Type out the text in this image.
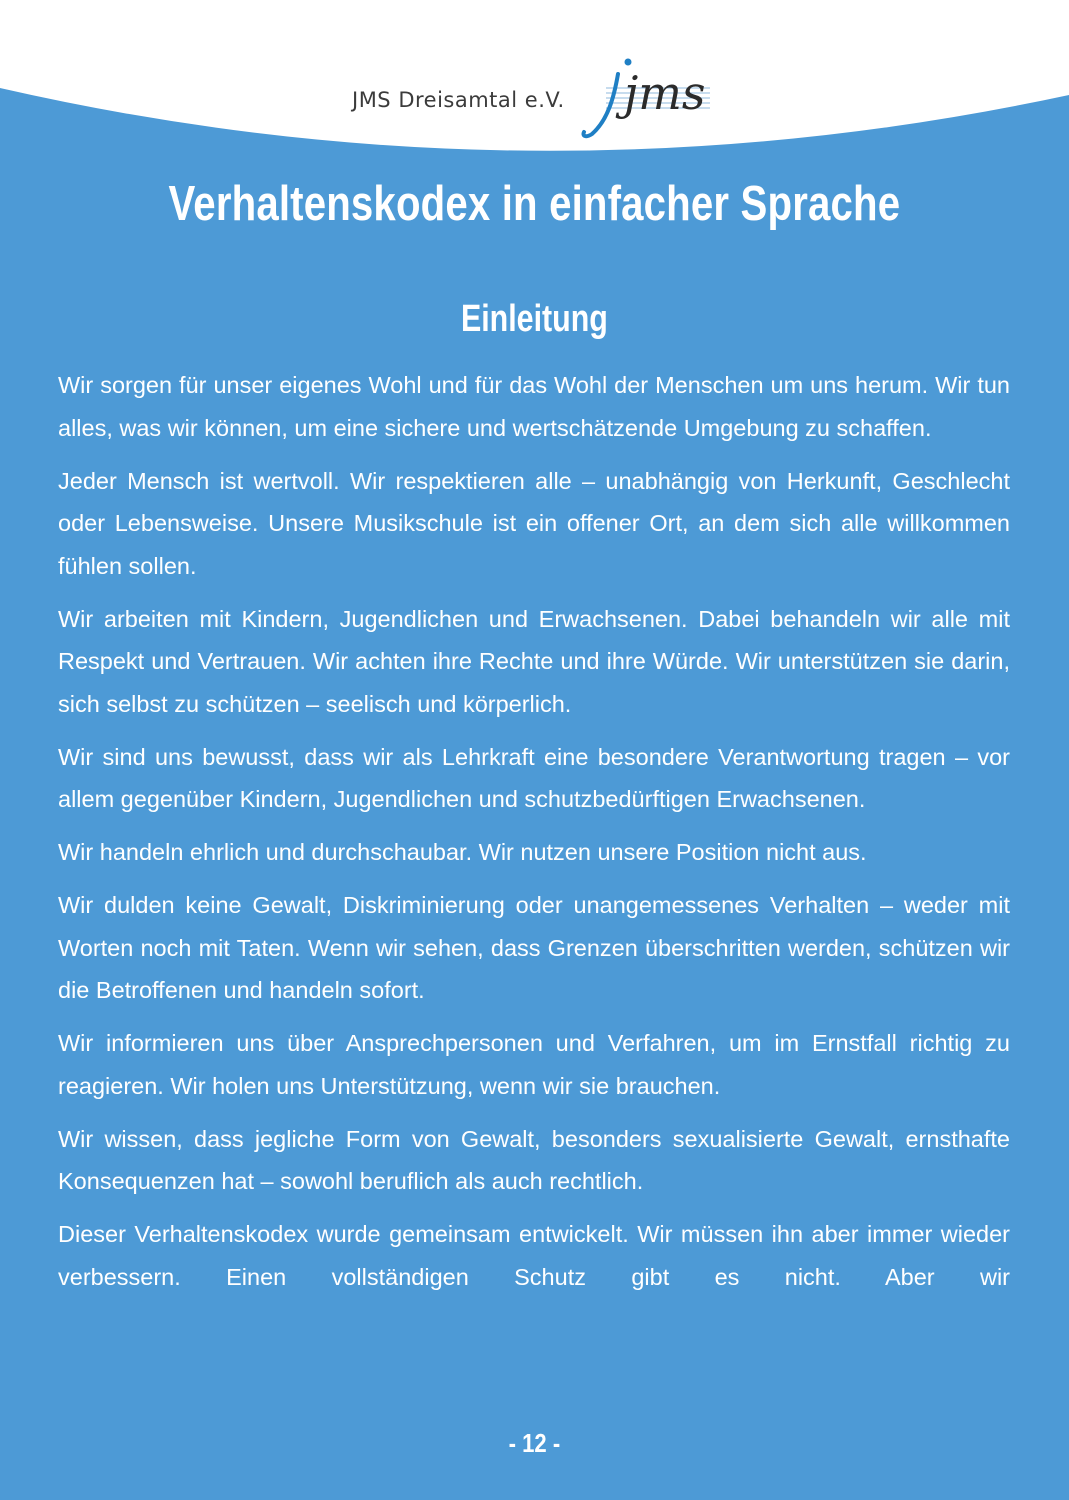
JMS Dreisamtal e.V. jms
Verhaltenskodex in einfacher Sprache
Einleitung

Wir sorgen für unser eigenes Wohl und für das Wohl der Menschen um uns herum. Wir tun alles, was wir können, um eine sichere und wertschätzende Umgebung zu schaffen.

Jeder Mensch ist wertvoll. Wir respektieren alle – unabhängig von Herkunft, Geschlecht oder Lebensweise. Unsere Musikschule ist ein offener Ort, an dem sich alle willkommen fühlen sollen.

Wir arbeiten mit Kindern, Jugendlichen und Erwachsenen. Dabei behandeln wir alle mit Respekt und Vertrauen. Wir achten ihre Rechte und ihre Würde. Wir unterstützen sie darin, sich selbst zu schützen – seelisch und körperlich.

Wir sind uns bewusst, dass wir als Lehrkraft eine besondere Verantwortung tragen – vor allem gegenüber Kindern, Jugendlichen und schutzbedürftigen Erwachsenen.

Wir handeln ehrlich und durchschaubar. Wir nutzen unsere Position nicht aus.

Wir dulden keine Gewalt, Diskriminierung oder unangemessenes Verhalten – weder mit Worten noch mit Taten. Wenn wir sehen, dass Grenzen überschritten werden, schützen wir die Betroffenen und handeln sofort.

Wir informieren uns über Ansprechpersonen und Verfahren, um im Ernstfall richtig zu reagieren. Wir holen uns Unterstützung, wenn wir sie brauchen.

Wir wissen, dass jegliche Form von Gewalt, besonders sexualisierte Gewalt, ernsthafte Konsequenzen hat – sowohl beruflich als auch rechtlich.

Dieser Verhaltenskodex wurde gemeinsam entwickelt. Wir müssen ihn aber immer wieder verbessern. Einen vollständigen Schutz gibt es nicht. Aber wir

- 12 -
